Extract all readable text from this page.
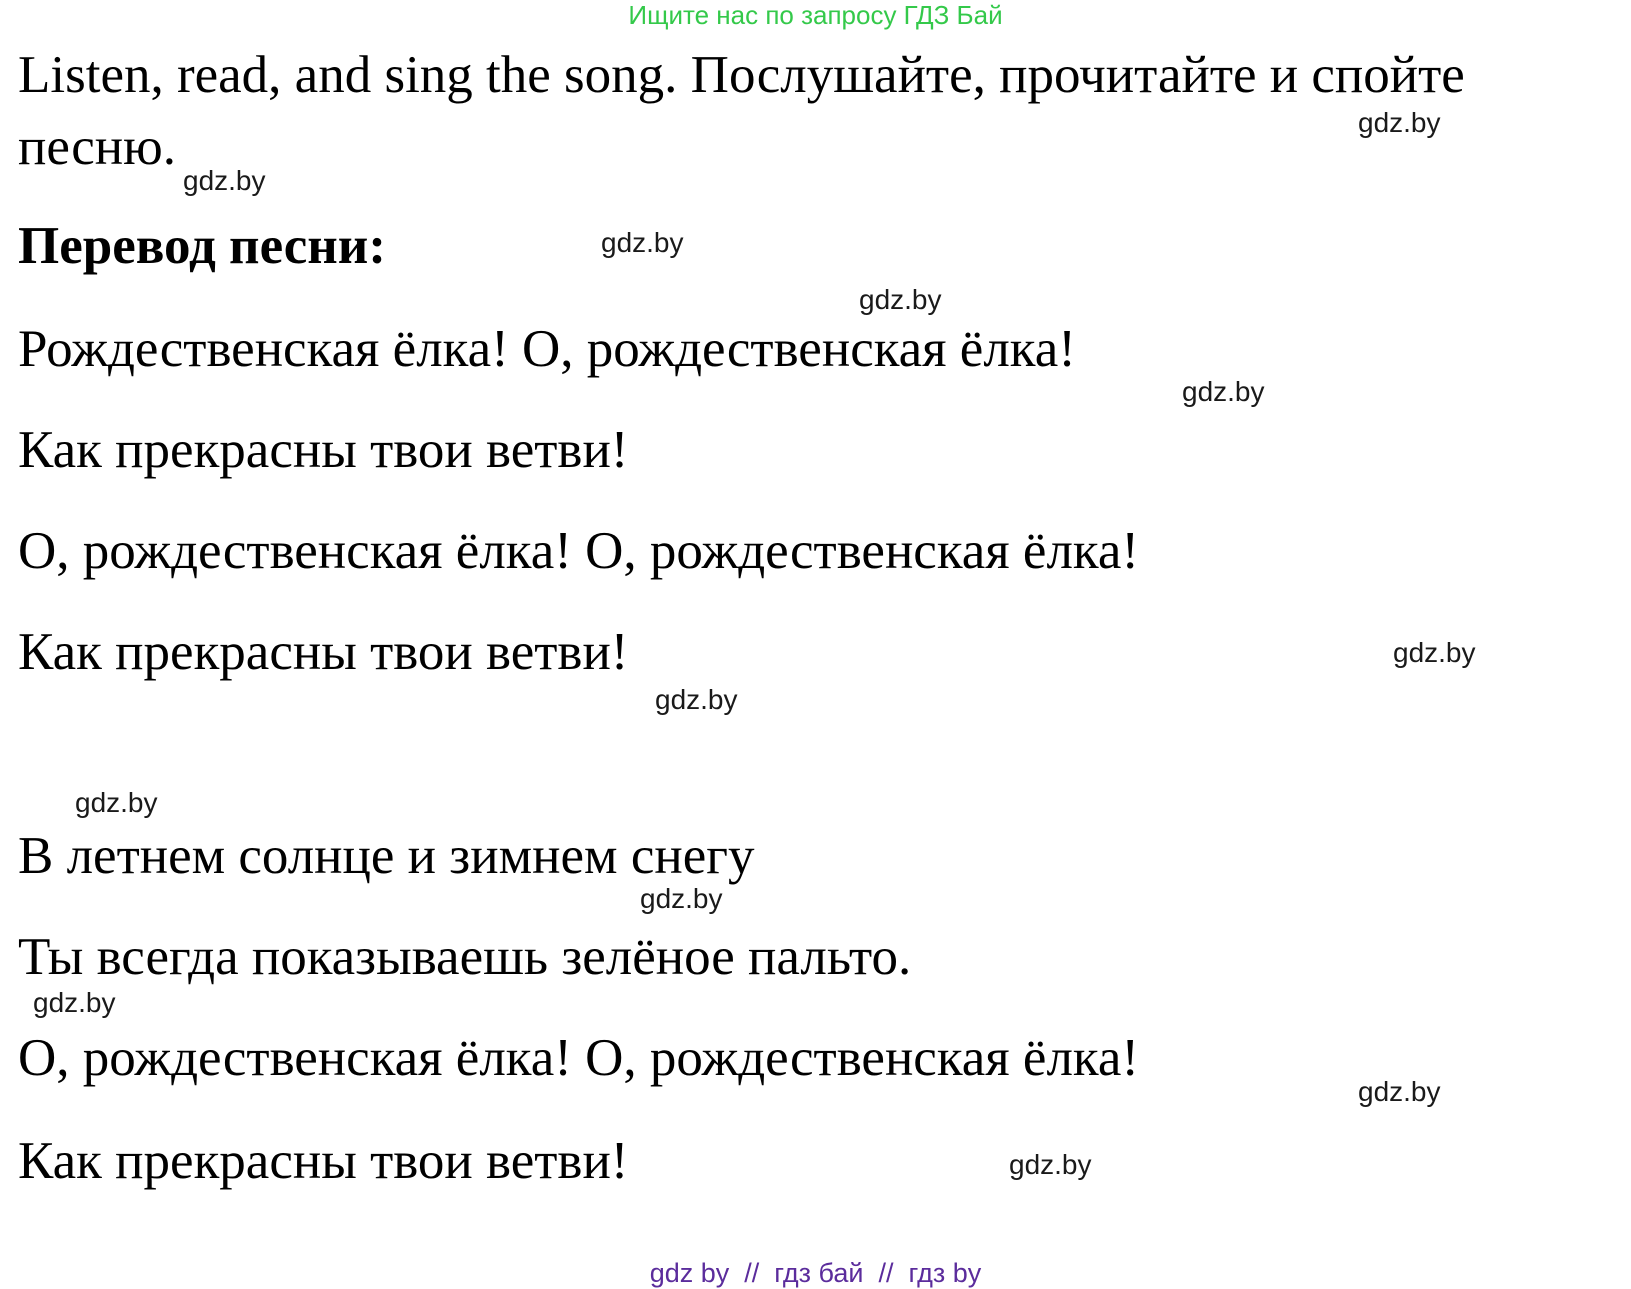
Ищите нас по запросу ГДЗ Бай
Listen, read, and sing the song. Послушайте, прочитайте и спойте
песню.
Перевод песни:
Рождественская ёлка! О, рождественская ёлка!
Как прекрасны твои ветви!
О, рождественская ёлка! О, рождественская ёлка!
Как прекрасны твои ветви!
В летнем солнце и зимнем снегу
Ты всегда показываешь зелёное пальто.
О, рождественская ёлка! О, рождественская ёлка!
Как прекрасны твои ветви!
gdz.by
gdz.by
gdz.by
gdz.by
gdz.by
gdz.by
gdz.by
gdz.by
gdz.by
gdz.by
gdz.by
gdz.by
gdz by  //  гдз бай  //  гдз by
